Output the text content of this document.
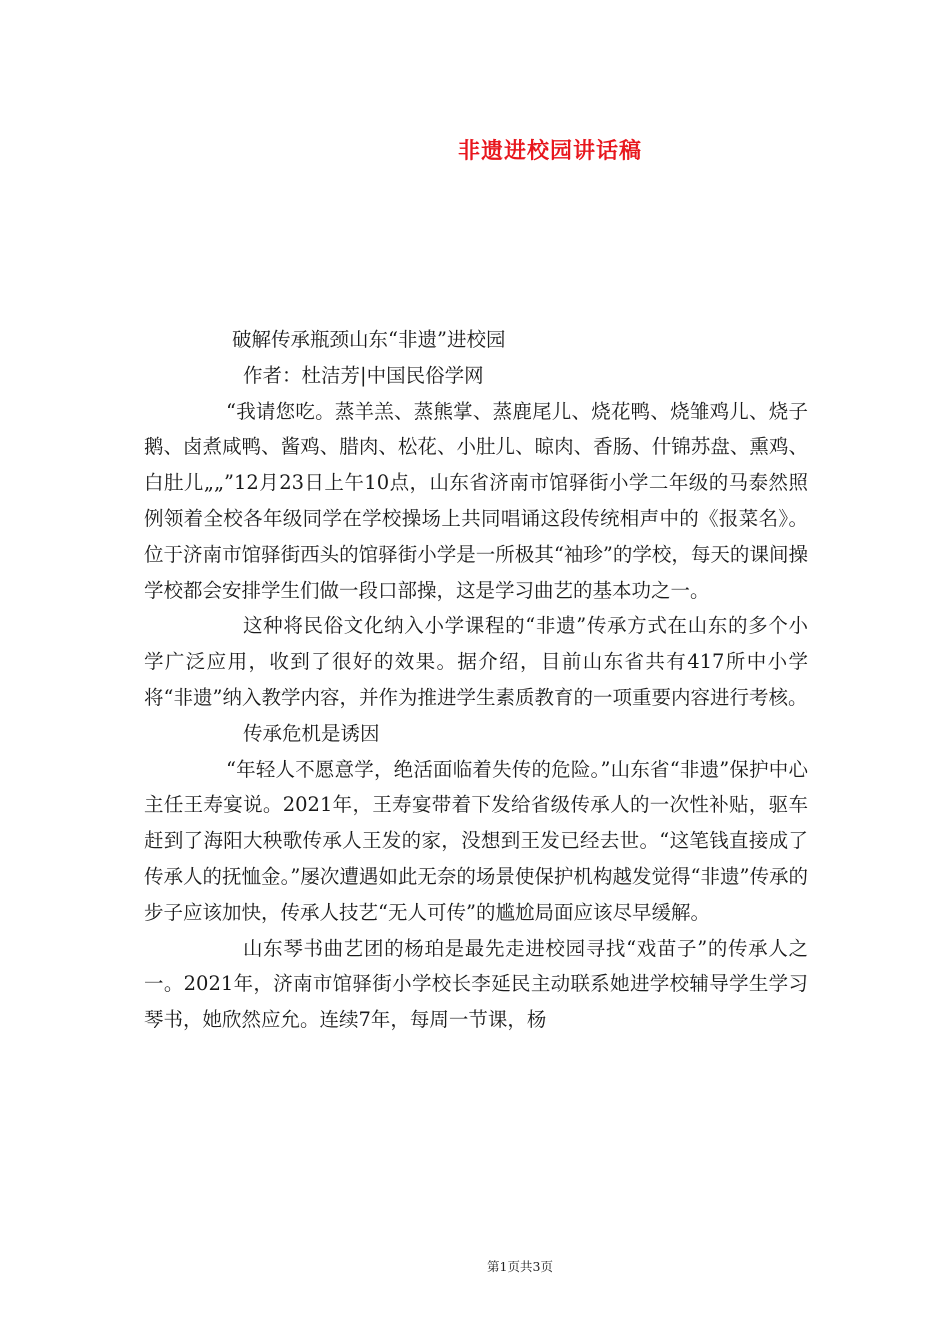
非遗进校园讲话稿

破解传承瓶颈山东“非遗”进校园

作者：杜洁芳|中国民俗学网

“我请您吃。蒸羊羔、蒸熊掌、蒸鹿尾儿、烧花鸭、烧雏鸡儿、烧子鹅、卤煮咸鸭、酱鸡、腊肉、松花、小肚儿、晾肉、香肠、什锦苏盘、熏鸡、白肚儿„„”12月23日上午10点，山东省济南市馆驿街小学二年级的马泰然照例领着全校各年级同学在学校操场上共同唱诵这段传统相声中的《报菜名》。位于济南市馆驿街西头的馆驿街小学是一所极其“袖珍”的学校，每天的课间操学校都会安排学生们做一段口部操，这是学习曲艺的基本功之一。

这种将民俗文化纳入小学课程的“非遗”传承方式在山东的多个小学广泛应用，收到了很好的效果。据介绍，目前山东省共有417所中小学将“非遗”纳入教学内容，并作为推进学生素质教育的一项重要内容进行考核。

传承危机是诱因

“年轻人不愿意学，绝活面临着失传的危险。”山东省“非遗”保护中心主任王寿宴说。2021年，王寿宴带着下发给省级传承人的一次性补贴，驱车赶到了海阳大秧歌传承人王发的家，没想到王发已经去世。“这笔钱直接成了传承人的抚恤金。”屡次遭遇如此无奈的场景使保护机构越发觉得“非遗”传承的步子应该加快，传承人技艺“无人可传”的尴尬局面应该尽早缓解。

山东琴书曲艺团的杨珀是最先走进校园寻找“戏苗子”的传承人之一。2021年，济南市馆驿街小学校长李延民主动联系她进学校辅导学生学习琴书，她欣然应允。连续7年，每周一节课，杨

第1页共3页
